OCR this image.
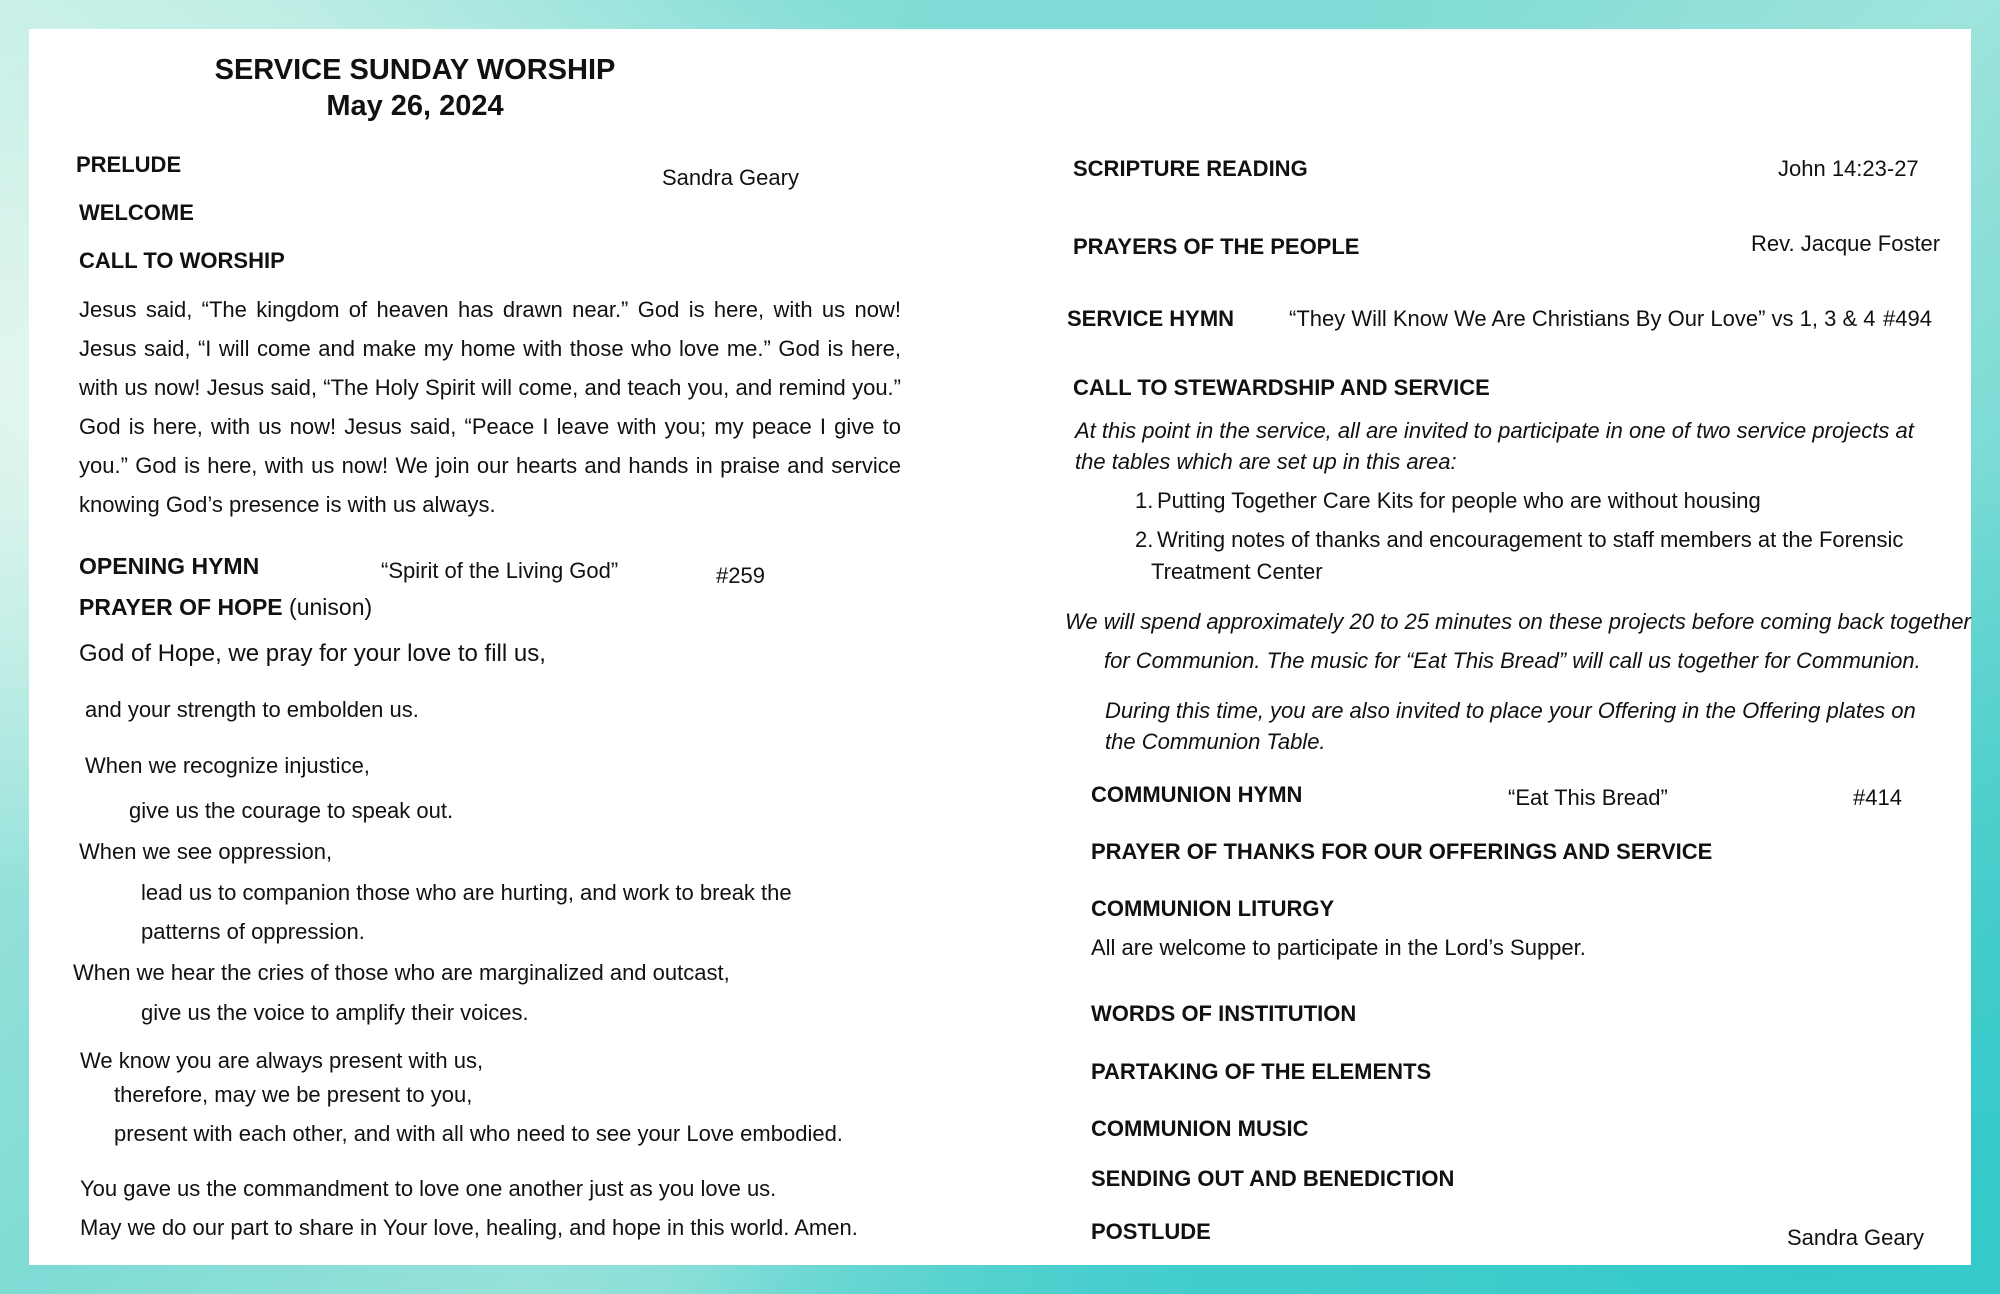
SERVICE SUNDAY WORSHIP
May 26, 2024
PRELUDE
Sandra Geary
WELCOME
CALL TO WORSHIP
Jesus said, “The kingdom of heaven has drawn near.” God is here, with us now! Jesus said, “I will come and make my home with those who love me.” God is here, with us now! Jesus said, “The Holy Spirit will come, and teach you, and remind you.” God is here, with us now! Jesus said, “Peace I leave with you; my peace I give to you.” God is here, with us now! We join our hearts and hands in praise and service knowing God’s presence is with us always.
OPENING HYMN	“Spirit of the Living God”	#259
PRAYER OF HOPE (unison)
God of Hope, we pray for your love to fill us,
and your strength to embolden us.
When we recognize injustice,
give us the courage to speak out.
When we see oppression,
lead us to companion those who are hurting, and work to break the
patterns of oppression.
When we hear the cries of those who are marginalized and outcast,
give us the voice to amplify their voices.
We know you are always present with us,
therefore, may we be present to you,
present with each other, and with all who need to see your Love embodied.
You gave us the commandment to love one another just as you love us.
May we do our part to share in Your love, healing, and hope in this world. Amen.
SCRIPTURE READING	John 14:23-27
PRAYERS OF THE PEOPLE	Rev. Jacque Foster
SERVICE HYMN “They Will Know We Are Christians By Our Love” vs 1, 3 & 4 #494
CALL TO STEWARDSHIP AND SERVICE
At this point in the service, all are invited to participate in one of two service projects at the tables which are set up in this area:
1. Putting Together Care Kits for people who are without housing
2. Writing notes of thanks and encouragement to staff members at the Forensic
Treatment Center
We will spend approximately 20 to 25 minutes on these projects before coming back together
for Communion. The music for “Eat This Bread” will call us together for Communion.
During this time, you are also invited to place your Offering in the Offering plates on the Communion Table.
COMMUNION HYMN	“Eat This Bread”	#414
PRAYER OF THANKS FOR OUR OFFERINGS AND SERVICE
COMMUNION LITURGY
All are welcome to participate in the Lord’s Supper.
WORDS OF INSTITUTION
PARTAKING OF THE ELEMENTS
COMMUNION MUSIC
SENDING OUT AND BENEDICTION
POSTLUDE	Sandra Geary
